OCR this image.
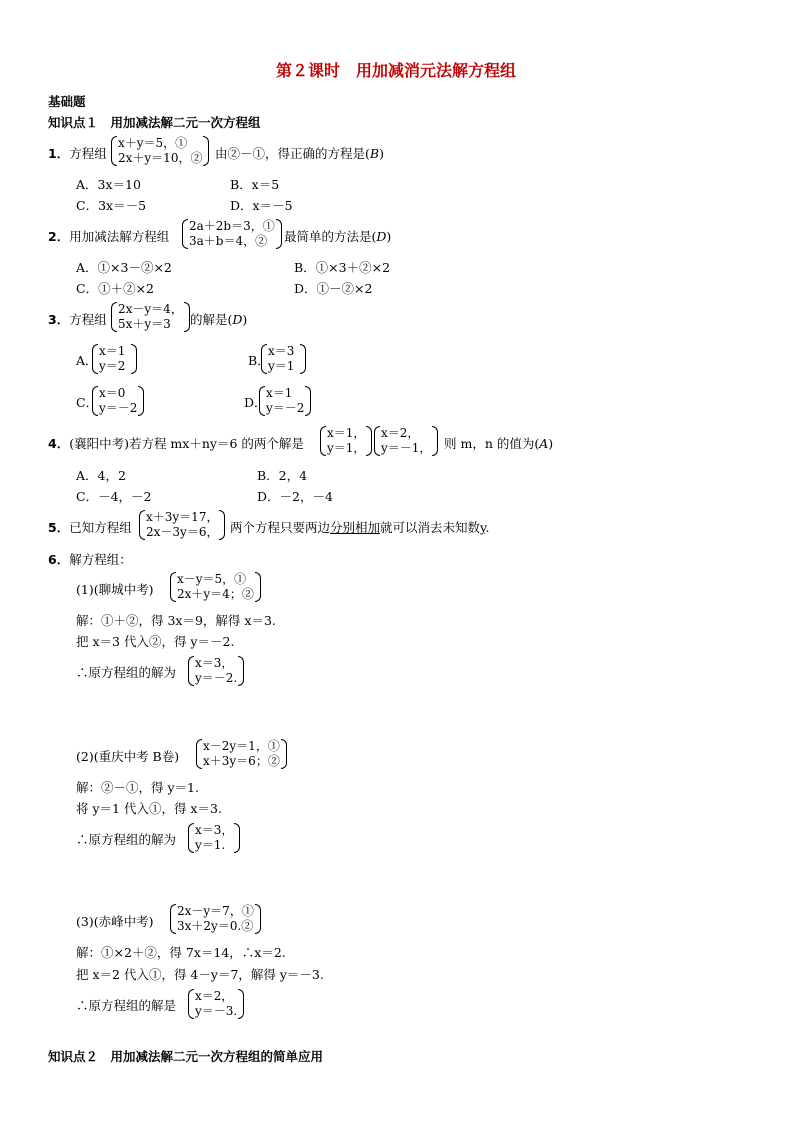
第２课时　用加减消元法解方程组
基础题
知识点１　用加减法解二元一次方程组
1．方程组
x＋y＝5，①
2x＋y＝10，② 由②－①，得正确的方程是(B)
A．3x＝10	B．x＝5
C．3x＝－5	D．x＝－5
2．用加减法解方程组
2a＋2b＝3，①
3a＋b＝4，②	最简单的方法是(D)
A．①×3－②×2	B．①×3＋②×2
C．①＋②×2	D．①－②×2
3．方程组
2x－y＝4，
5x＋y＝3	的解是(D)
A．
x＝1
y＝2	B．
x＝3
y＝1
C．
x＝0
y＝－2	D．
x＝1
y＝－2
4．(襄阳中考)若方程 mx＋ny＝6 的两个解是
x＝1，
y＝1，
x＝2，
y＝－1， 则 m，n 的值为(A)
A．4，2	B．2，4
C．－4，－2	D．－2，－4
5．已知方程组
x＋3y＝17，
2x－3y＝6， 两个方程只要两边分别相加就可以消去未知数y.
6．解方程组：
(1)(聊城中考)
x－y＝5，①
2x＋y＝4；②
解：①＋②，得 3x＝9，解得 x＝3.
把 x＝3 代入②，得 y＝－2.
∴原方程组的解为
x＝3，
y＝－2.
(2)(重庆中考 B卷)
x－2y＝1，①
x＋3y＝6；②
解：②－①，得 y＝1.
将 y＝1 代入①，得 x＝3.
∴原方程组的解为
x＝3，
y＝1.
(3)(赤峰中考)
2x－y＝7，①
3x＋2y＝0.②
解：①×2＋②，得 7x＝14，∴x＝2.
把 x＝2 代入①，得 4－y＝7，解得 y＝－3.
∴原方程组的解是
x＝2，
y＝－3.
知识点２　用加减法解二元一次方程组的简单应用
